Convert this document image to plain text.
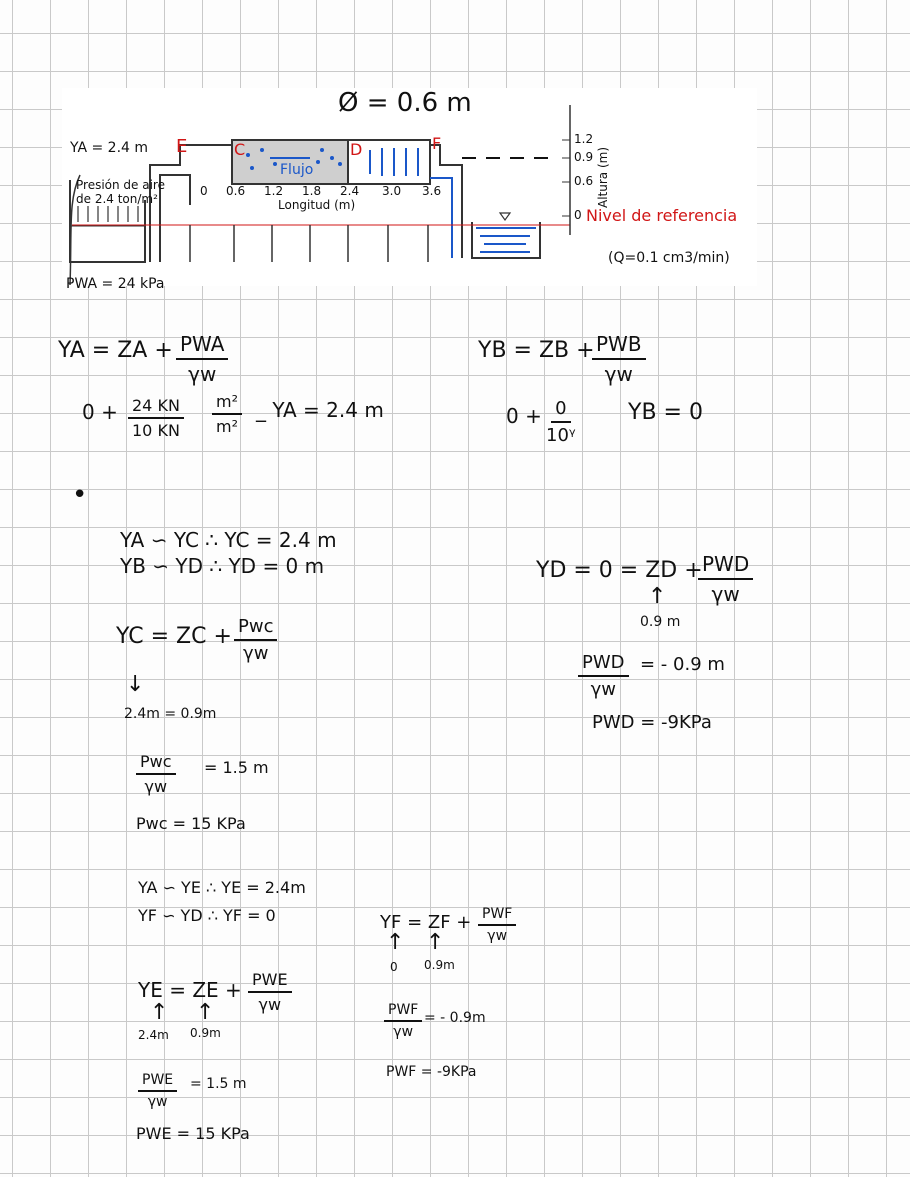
Ø = 0.6 m
YA = 2.4 m
Presión de aire
de 2.4 ton/m²
PWA = 24 kPa
E	C	D	F
Flujo
0 0.6 1.2 1.8 2.4 3.0 3.6
Longitud (m)
1.2
0.9
0.6
0
Altura (m)
Nivel de referencia
(Q=0.1 cm3/min)
YA = ZA + PWA
γw
$0 + \frac{24 KN}{10 KN} \frac{\text{m²}}{\text{m²}}$ _ YA = 2.4 m
YB = ZB + PWB
γw
$0 + \frac{0}{\text{10ᵞ}}$ YB = 0
•
YA ∽ YC ∴ YC = 2.4 m
YB ∽ YD ∴ YD = 0 m
YC = ZC + Pwc
γw
↓
2.4m = 0.9m
Pwc
γw
= 1.5 m
Pwc = 15 KPa
YD = 0 = ZD + PWD
γw
↑
0.9 m
PWD
γw
= - 0.9 m
PWD = -9KPa
YA ∽ YE ∴ YE = 2.4m
YF ∽ YD ∴ YF = 0
YE = ZE + PWE
γw
↑ ↑
2.4m 0.9m
PWE
γw
= 1.5 m
PWE = 15 KPa
YF = ZF + PWF
γw
↑ ↑
0 0.9m
PWF
γw
= - 0.9m
PWF = -9KPa
